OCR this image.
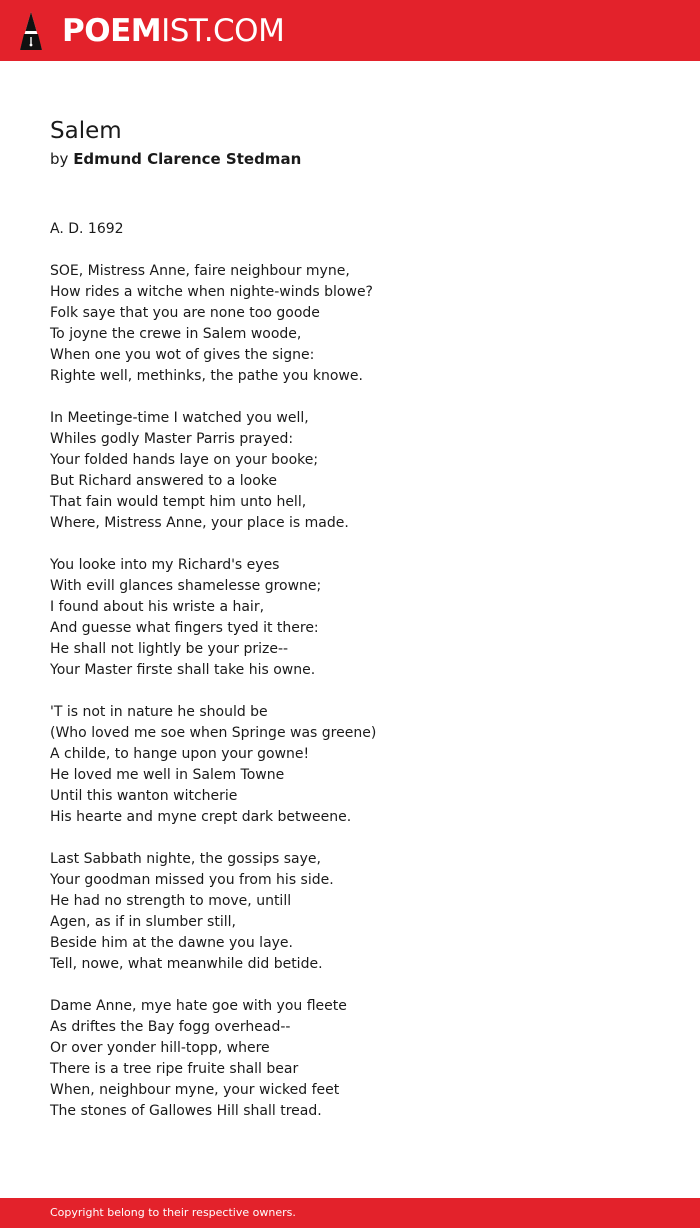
POEMIST.COM
Salem
by Edmund Clarence Stedman
A. D. 1692
SOE, Mistress Anne, faire neighbour myne,
How rides a witche when nighte-winds blowe?
Folk saye that you are none too goode
To joyne the crewe in Salem woode,
When one you wot of gives the signe:
Righte well, methinks, the pathe you knowe.
In Meetinge-time I watched you well,
Whiles godly Master Parris prayed:
Your folded hands laye on your booke;
But Richard answered to a looke
That fain would tempt him unto hell,
Where, Mistress Anne, your place is made.
You looke into my Richard's eyes
With evill glances shamelesse growne;
I found about his wriste a hair,
And guesse what fingers tyed it there:
He shall not lightly be your prize--
Your Master firste shall take his owne.
'T is not in nature he should be
(Who loved me soe when Springe was greene)
A childe, to hange upon your gowne!
He loved me well in Salem Towne
Until this wanton witcherie
His hearte and myne crept dark betweene.
Last Sabbath nighte, the gossips saye,
Your goodman missed you from his side.
He had no strength to move, untill
Agen, as if in slumber still,
Beside him at the dawne you laye.
Tell, nowe, what meanwhile did betide.
Dame Anne, mye hate goe with you fleete
As driftes the Bay fogg overhead--
Or over yonder hill-topp, where
There is a tree ripe fruite shall bear
When, neighbour myne, your wicked feet
The stones of Gallowes Hill shall tread.
Copyright belong to their respective owners.
